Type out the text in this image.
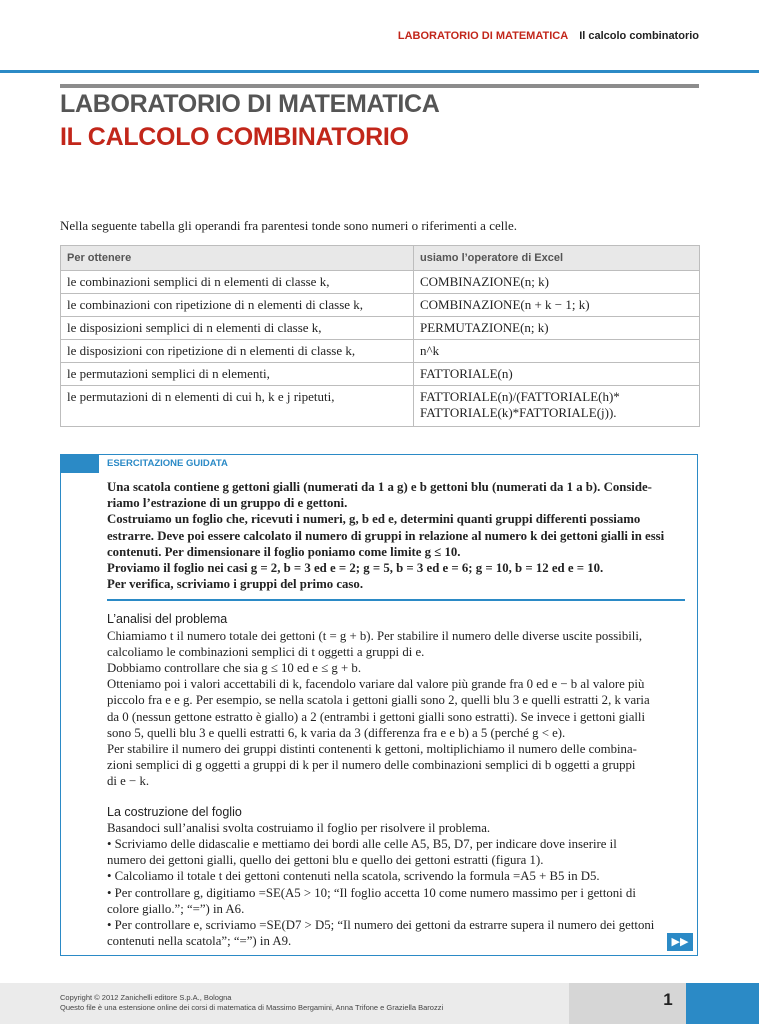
LABORATORIO DI MATEMATICA Il calcolo combinatorio
LABORATORIO DI MATEMATICA
IL CALCOLO COMBINATORIO

Nella seguente tabella gli operandi fra parentesi tonde sono numeri o riferimenti a celle.

Per ottenere	usiamo l’operatore di Excel
le combinazioni semplici di n elementi di classe k,	COMBINAZIONE(n; k)
le combinazioni con ripetizione di n elementi di classe k,	COMBINAZIONE(n + k − 1; k)
le disposizioni semplici di n elementi di classe k,	PERMUTAZIONE(n; k)
le disposizioni con ripetizione di n elementi di classe k,	n^k
le permutazioni semplici di n elementi,	FATTORIALE(n)
le permutazioni di n elementi di cui h, k e j ripetuti,	FATTORIALE(n)/(FATTORIALE(h)*
FATTORIALE(k)*FATTORIALE(j)).
ESERCITAZIONE GUIDATA

Una scatola contiene g gettoni gialli (numerati da 1 a g) e b gettoni blu (numerati da 1 a b). Conside-

riamo l’estrazione di un gruppo di e gettoni.

Costruiamo un foglio che, ricevuti i numeri, g, b ed e, determini quanti gruppi differenti possiamo

estrarre. Deve poi essere calcolato il numero di gruppi in relazione al numero k dei gettoni gialli in essi

contenuti. Per dimensionare il foglio poniamo come limite g ≤ 10.

Proviamo il foglio nei casi g = 2, b = 3 ed e = 2; g = 5, b = 3 ed e = 6; g = 10, b = 12 ed e = 10.

Per verifica, scriviamo i gruppi del primo caso.

L’analisi del problema

Chiamiamo t il numero totale dei gettoni (t = g + b). Per stabilire il numero delle diverse uscite possibili,

calcoliamo le combinazioni semplici di t oggetti a gruppi di e.

Dobbiamo controllare che sia g ≤ 10 ed e ≤ g + b.

Otteniamo poi i valori accettabili di k, facendolo variare dal valore più grande fra 0 ed e − b al valore più

piccolo fra e e g. Per esempio, se nella scatola i gettoni gialli sono 2, quelli blu 3 e quelli estratti 2, k varia

da 0 (nessun gettone estratto è giallo) a 2 (entrambi i gettoni gialli sono estratti). Se invece i gettoni gialli

sono 5, quelli blu 3 e quelli estratti 6, k varia da 3 (differenza fra e e b) a 5 (perché g < e).

Per stabilire il numero dei gruppi distinti contenenti k gettoni, moltiplichiamo il numero delle combina-

zioni semplici di g oggetti a gruppi di k per il numero delle combinazioni semplici di b oggetti a gruppi

di e − k.

La costruzione del foglio

Basandoci sull’analisi svolta costruiamo il foglio per risolvere il problema.

• Scriviamo delle didascalie e mettiamo dei bordi alle celle A5, B5, D7, per indicare dove inserire il

numero dei gettoni gialli, quello dei gettoni blu e quello dei gettoni estratti (figura 1).

• Calcoliamo il totale t dei gettoni contenuti nella scatola, scrivendo la formula =A5 + B5 in D5.

• Per controllare g, digitiamo =SE(A5 > 10; “Il foglio accetta 10 come numero massimo per i gettoni di

colore giallo.”; “=”) in A6.

• Per controllare e, scriviamo =SE(D7 > D5; “Il numero dei gettoni da estrarre supera il numero dei gettoni

contenuti nella scatola”; “=”) in A9.	▶▶
Copyright © 2012 Zanichelli editore S.p.A., Bologna
Questo file è una estensione online dei corsi di matematica di Massimo Bergamini, Anna Trifone e Graziella Barozzi	1
